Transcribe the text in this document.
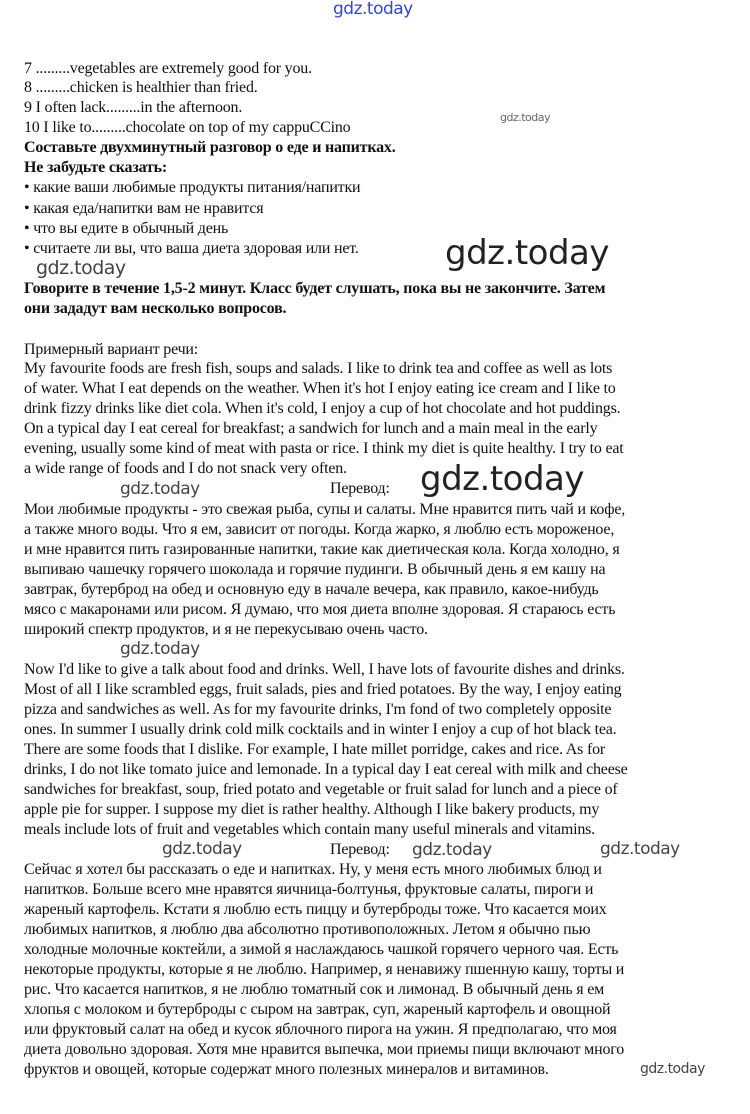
gdz.today
7 .........vegetables are extremely good for you.
8 .........chicken is healthier than fried.
9 I often lack.........in the afternoon.
10 I like to.........chocolate on top of my cappuCCino
gdz.today
Составьте двухминутный разговор о еде и напитках.
Не забудьте сказать:
• какие ваши любимые продукты питания/напитки
• какая еда/напитки вам не нравится
• что вы едите в обычный день
• считаете ли вы, что ваша диета здоровая или нет.	gdz.today
gdz.today
Говорите в течение 1,5-2 минут. Класс будет слушать, пока вы не закончите. Затем
они зададут вам несколько вопросов.
Примерный вариант речи:
My favourite foods are fresh fish, soups and salads. I like to drink tea and coffee as well as lots
of water. What I eat depends on the weather. When it's hot I enjoy eating ice cream and I like to
drink fizzy drinks like diet cola. When it's cold, I enjoy a cup of hot chocolate and hot puddings.
On a typical day I eat cereal for breakfast; a sandwich for lunch and a main meal in the early
evening, usually some kind of meat with pasta or rice. I think my diet is quite healthy. I try to eat
a wide range of foods and I do not snack very often.
Перевод: gdz.today
gdz.today
Мои любимые продукты - это свежая рыба, супы и салаты. Мне нравится пить чай и кофе,
а также много воды. Что я ем, зависит от погоды. Когда жарко, я люблю есть мороженое,
и мне нравится пить газированные напитки, такие как диетическая кола. Когда холодно, я
выпиваю чашечку горячего шоколада и горячие пудинги. В обычный день я ем кашу на
завтрак, бутерброд на обед и основную еду в начале вечера, как правило, какое-нибудь
мясо с макаронами или рисом. Я думаю, что моя диета вполне здоровая. Я стараюсь есть
широкий спектр продуктов, и я не перекусываю очень часто.
gdz.today
Now I'd like to give a talk about food and drinks. Well, I have lots of favourite dishes and drinks.
Most of all I like scrambled eggs, fruit salads, pies and fried potatoes. By the way, I enjoy eating
pizza and sandwiches as well. As for my favourite drinks, I'm fond of two completely opposite
ones. In summer I usually drink cold milk cocktails and in winter I enjoy a cup of hot black tea.
There are some foods that I dislike. For example, I hate millet porridge, cakes and rice. As for
drinks, I do not like tomato juice and lemonade. In a typical day I eat cereal with milk and cheese
sandwiches for breakfast, soup, fried potato and vegetable or fruit salad for lunch and a piece of
apple pie for supper. I suppose my diet is rather healthy. Although I like bakery products, my
meals include lots of fruit and vegetables which contain many useful minerals and vitamins.
gdz.today	Перевод: gdz.today	gdz.today
Сейчас я хотел бы рассказать о еде и напитках. Ну, у меня есть много любимых блюд и
напитков. Больше всего мне нравятся яичница-болтунья, фруктовые салаты, пироги и
жареный картофель. Кстати я люблю есть пиццу и бутерброды тоже. Что касается моих
любимых напитков, я люблю два абсолютно противоположных. Летом я обычно пью
холодные молочные коктейли, а зимой я наслаждаюсь чашкой горячего черного чая. Есть
некоторые продукты, которые я не люблю. Например, я ненавижу пшенную кашу, торты и
рис. Что касается напитков, я не люблю томатный сок и лимонад. В обычный день я ем
хлопья с молоком и бутерброды с сыром на завтрак, суп, жареный картофель и овощной
или фруктовый салат на обед и кусок яблочного пирога на ужин. Я предполагаю, что моя
диета довольно здоровая. Хотя мне нравится выпечка, мои приемы пищи включают много
фруктов и овощей, которые содержат много полезных минералов и витаминов.	gdz.today
